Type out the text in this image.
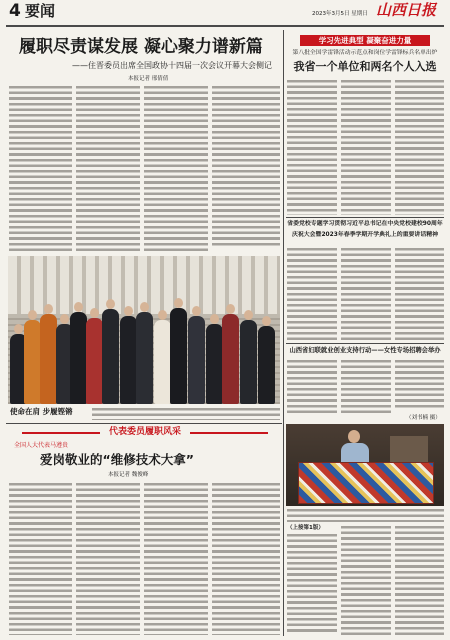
4 要闻	2023年3月5日 星期日 山西日报
履职尽责谋发展 凝心聚力谱新篇
——住晋委员出席全国政协十四届一次会议开幕大会侧记
本报记者 邢倩倩
使命在肩 步履铿锵
代表委员履职风采
全国人大代表马遵贵
爱岗敬业的“维修技术大拿”
本报记者 魏俊峰
学习先进典型 凝聚奋进力量
第八批全国学雷锋活动示范点和岗位学雷锋标兵名单出炉
我省一个单位和两名个人入选
省委党校专题学习贯彻习近平总书记在中央党校建校90周年
庆祝大会暨2023年春季学期开学典礼上的重要讲话精神
山西省妇联就业创业支持行动——女性专场招聘会举办
（刘书楠 摄）
（上接第1版）
